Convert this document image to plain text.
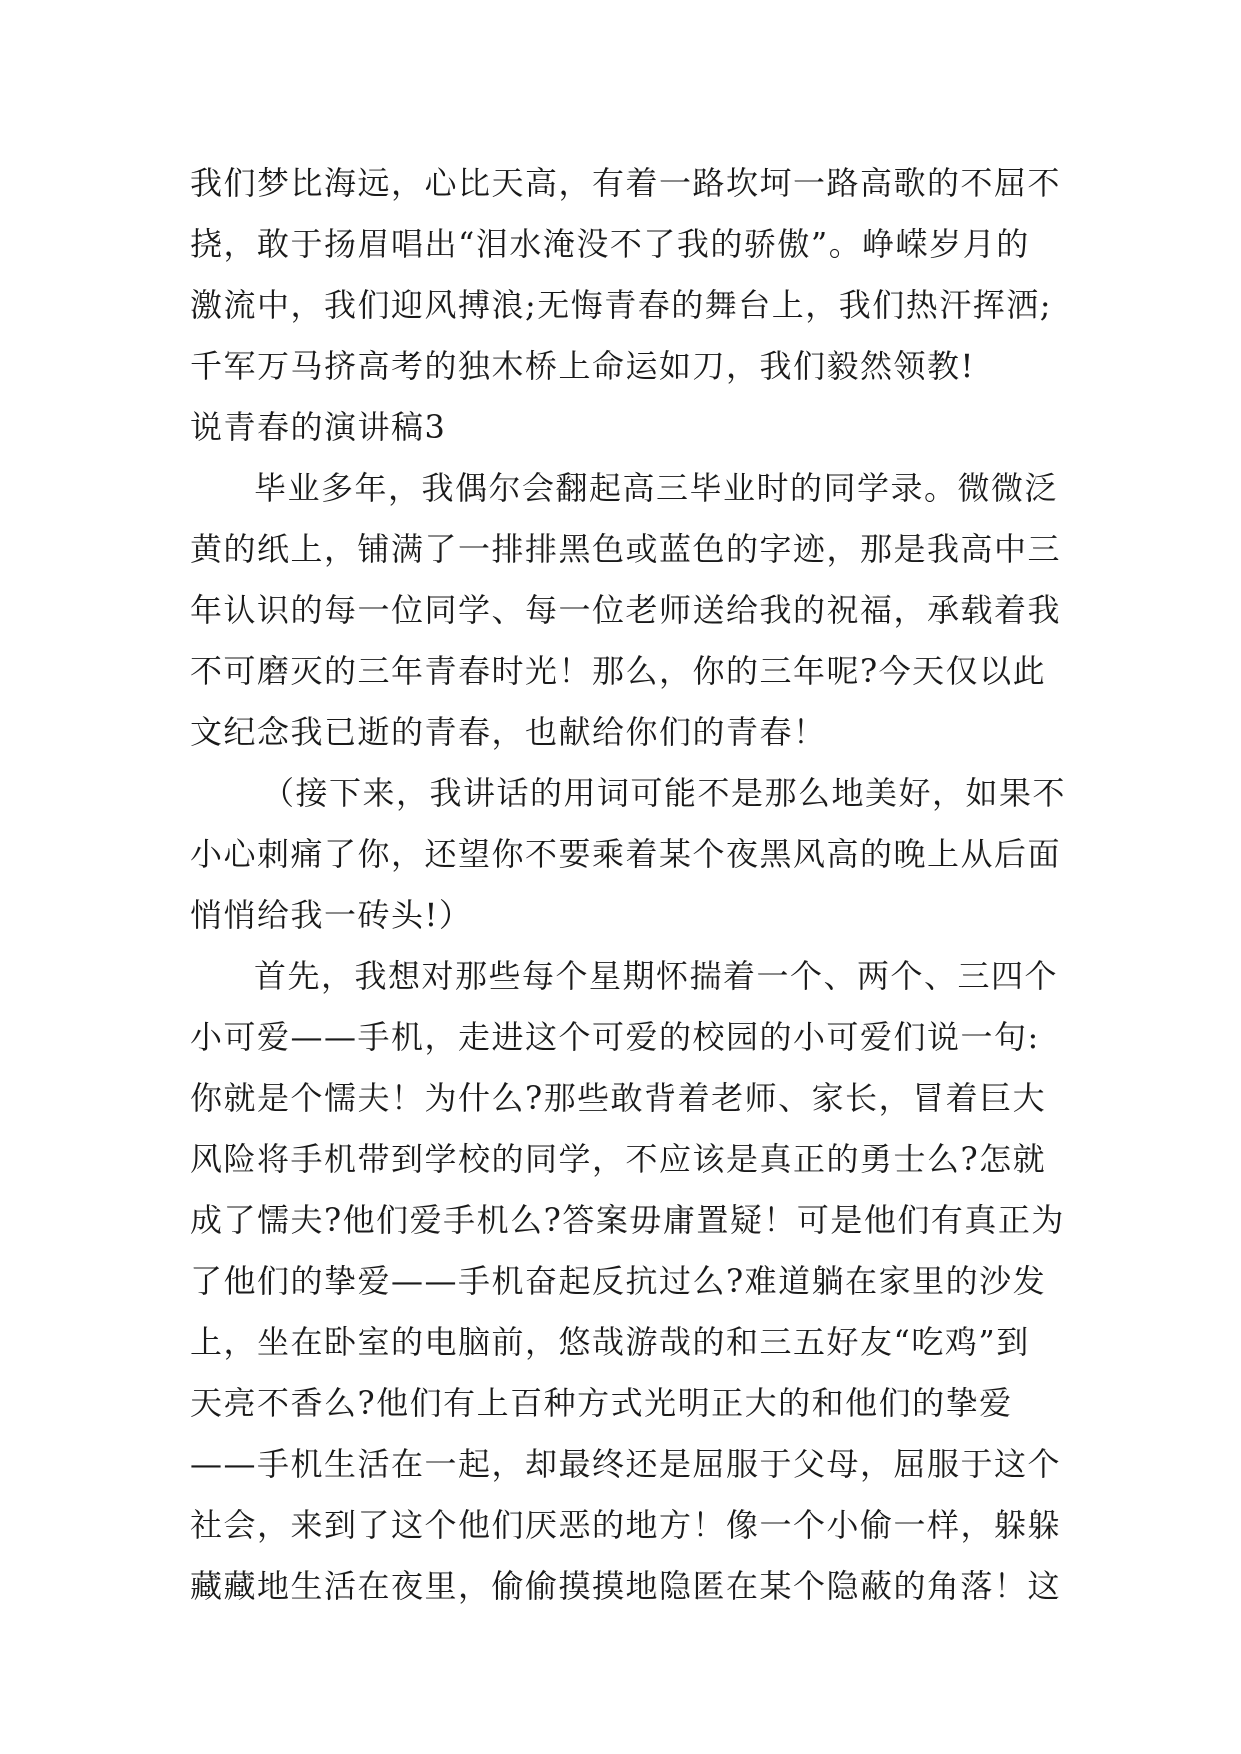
我们梦比海远，心比天高，有着一路坎坷一路高歌的不屈不
挠，敢于扬眉唱出“泪水淹没不了我的骄傲”。峥嵘岁月的
激流中，我们迎风搏浪;无悔青春的舞台上，我们热汗挥洒;
千军万马挤高考的独木桥上命运如刀，我们毅然领教!
说青春的演讲稿3
毕业多年，我偶尔会翻起高三毕业时的同学录。微微泛
黄的纸上，铺满了一排排黑色或蓝色的字迹，那是我高中三
年认识的每一位同学、每一位老师送给我的祝福，承载着我
不可磨灭的三年青春时光！那么，你的三年呢?今天仅以此
文纪念我已逝的青春，也献给你们的青春！
（接下来，我讲话的用词可能不是那么地美好，如果不
小心刺痛了你，还望你不要乘着某个夜黑风高的晚上从后面
悄悄给我一砖头!）
首先，我想对那些每个星期怀揣着一个、两个、三四个
小可爱——手机，走进这个可爱的校园的小可爱们说一句:
你就是个懦夫！为什么?那些敢背着老师、家长，冒着巨大
风险将手机带到学校的同学，不应该是真正的勇士么?怎就
成了懦夫?他们爱手机么?答案毋庸置疑！可是他们有真正为
了他们的挚爱——手机奋起反抗过么?难道躺在家里的沙发
上，坐在卧室的电脑前，悠哉游哉的和三五好友“吃鸡”到
天亮不香么?他们有上百种方式光明正大的和他们的挚爱
——手机生活在一起，却最终还是屈服于父母，屈服于这个
社会，来到了这个他们厌恶的地方！像一个小偷一样，躲躲
藏藏地生活在夜里，偷偷摸摸地隐匿在某个隐蔽的角落！这
